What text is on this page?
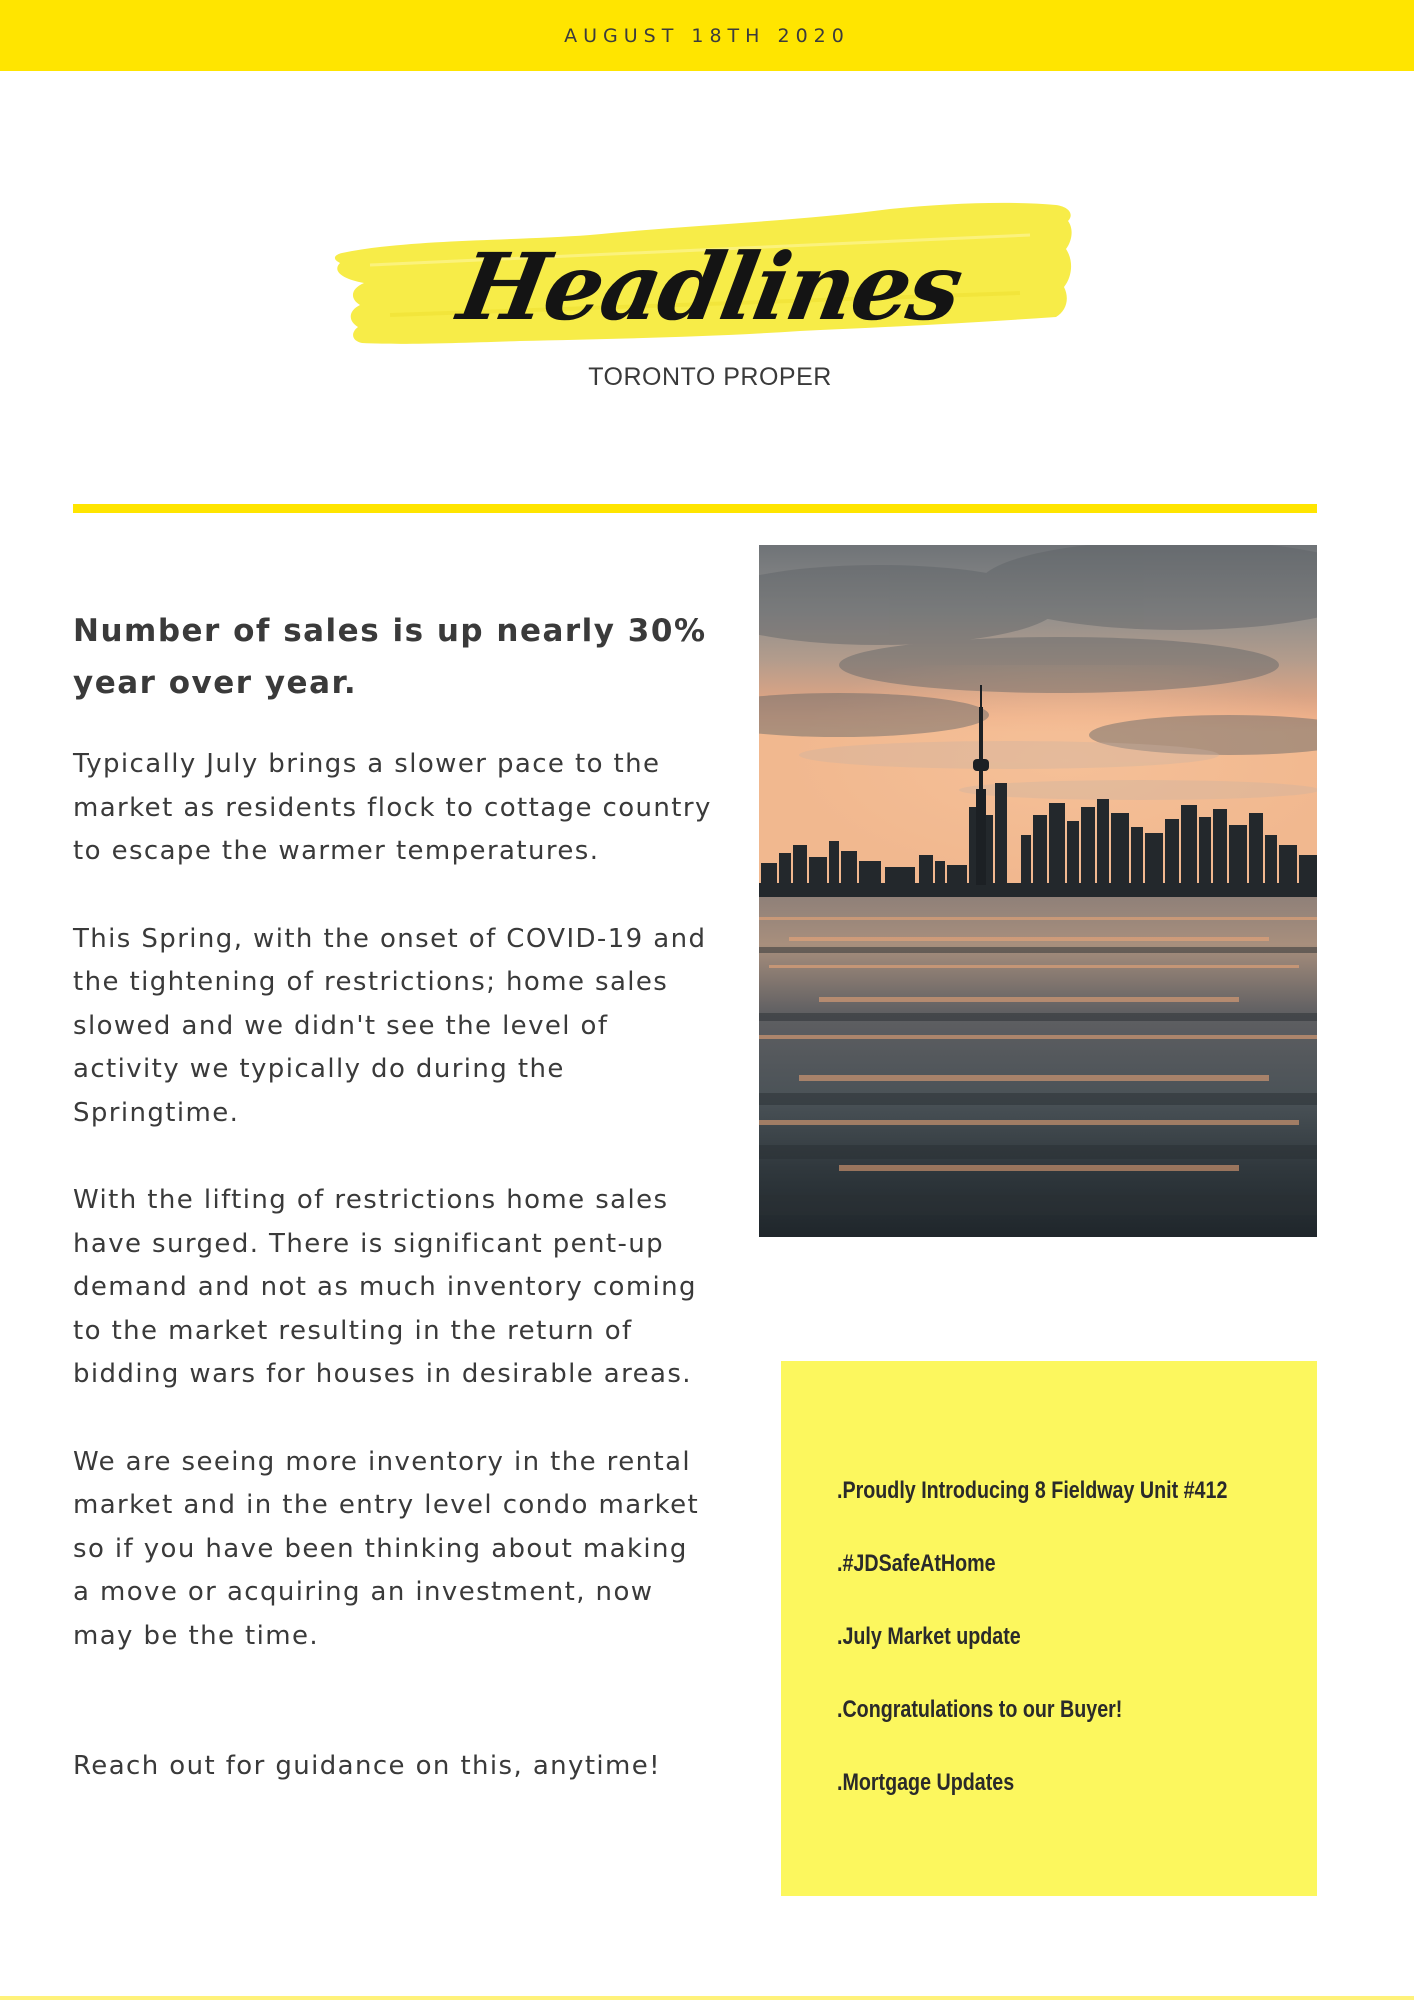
AUGUST 18TH 2020
Headlines
TORONTO PROPER

Number of sales is up nearly 30% year over year.

Typically July brings a slower pace to the market as residents flock to cottage country to escape the warmer temperatures.

This Spring, with the onset of COVID-19 and the tightening of restrictions; home sales slowed and we didn't see the level of activity we typically do during the Springtime.

With the lifting of restrictions home sales have surged. There is significant pent-up demand and not as much inventory coming to the market resulting in the return of bidding wars for houses in desirable areas.

We are seeing more inventory in the rental market and in the entry level condo market so if you have been thinking about making a move or acquiring an investment, now may be the time.

Reach out for guidance on this, anytime!

.Proudly Introducing 8 Fieldway Unit #412
.#JDSafeAtHome
.July Market update
.Congratulations to our Buyer!
.Mortgage Updates
